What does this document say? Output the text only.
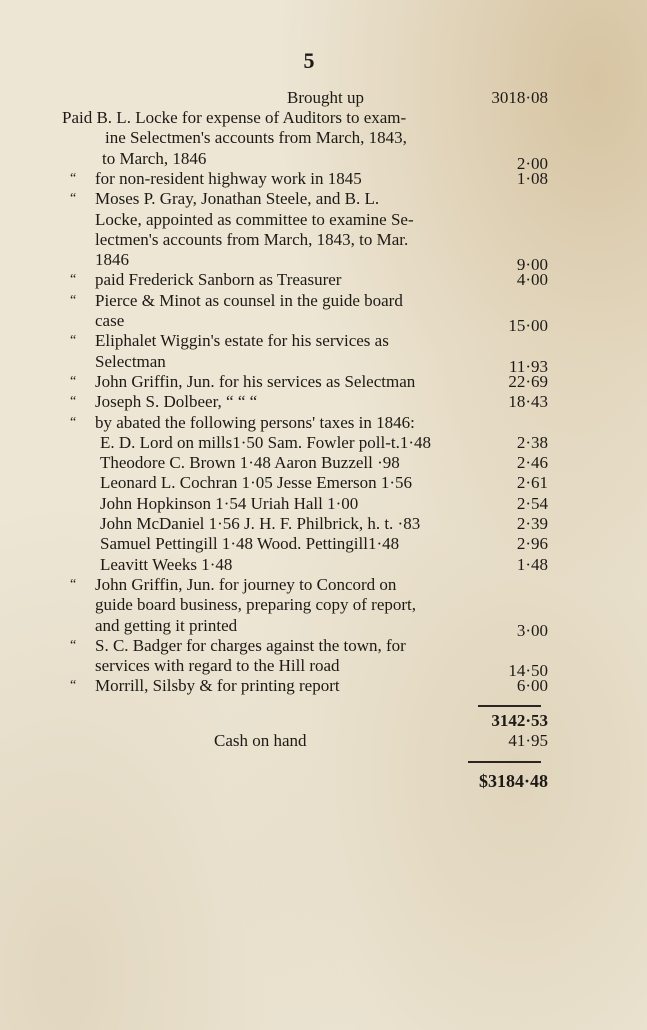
5
Brought up	3018·08
Paid B. L. Locke for expense of Auditors to exam-
ine Selectmen's accounts from March, 1843,
to March, 1846	2·00
“ for non-resident highway work in 1845	1·08
“ Moses P. Gray, Jonathan Steele, and B. L.
Locke, appointed as committee to examine Se-
lectmen's accounts from March, 1843, to Mar.
1846	9·00
“ paid Frederick Sanborn as Treasurer	4·00
“ Pierce & Minot as counsel in the guide board
case	15·00
“ Eliphalet Wiggin's estate for his services as
Selectman	11·93
“ John Griffin, Jun. for his services as Selectman	22·69
“ Joseph S. Dolbeer, “ “ “	18·43
“ by abated the following persons' taxes in 1846:
E. D. Lord on mills1·50 Sam. Fowler poll-t.1·48	2·38
Theodore C. Brown 1·48 Aaron Buzzell ·98	2·46
Leonard L. Cochran 1·05 Jesse Emerson 1·56	2·61
John Hopkinson 1·54 Uriah Hall 1·00	2·54
John McDaniel 1·56 J. H. F. Philbrick, h. t. ·83	2·39
Samuel Pettingill 1·48 Wood. Pettingill1·48	2·96
Leavitt Weeks 1·48	1·48
“ John Griffin, Jun. for journey to Concord on
guide board business, preparing copy of report,
and getting it printed	3·00
“ S. C. Badger for charges against the town, for
services with regard to the Hill road	14·50
“ Morrill, Silsby & for printing report	6·00
3142·53
Cash on hand	41·95
$3184·48
